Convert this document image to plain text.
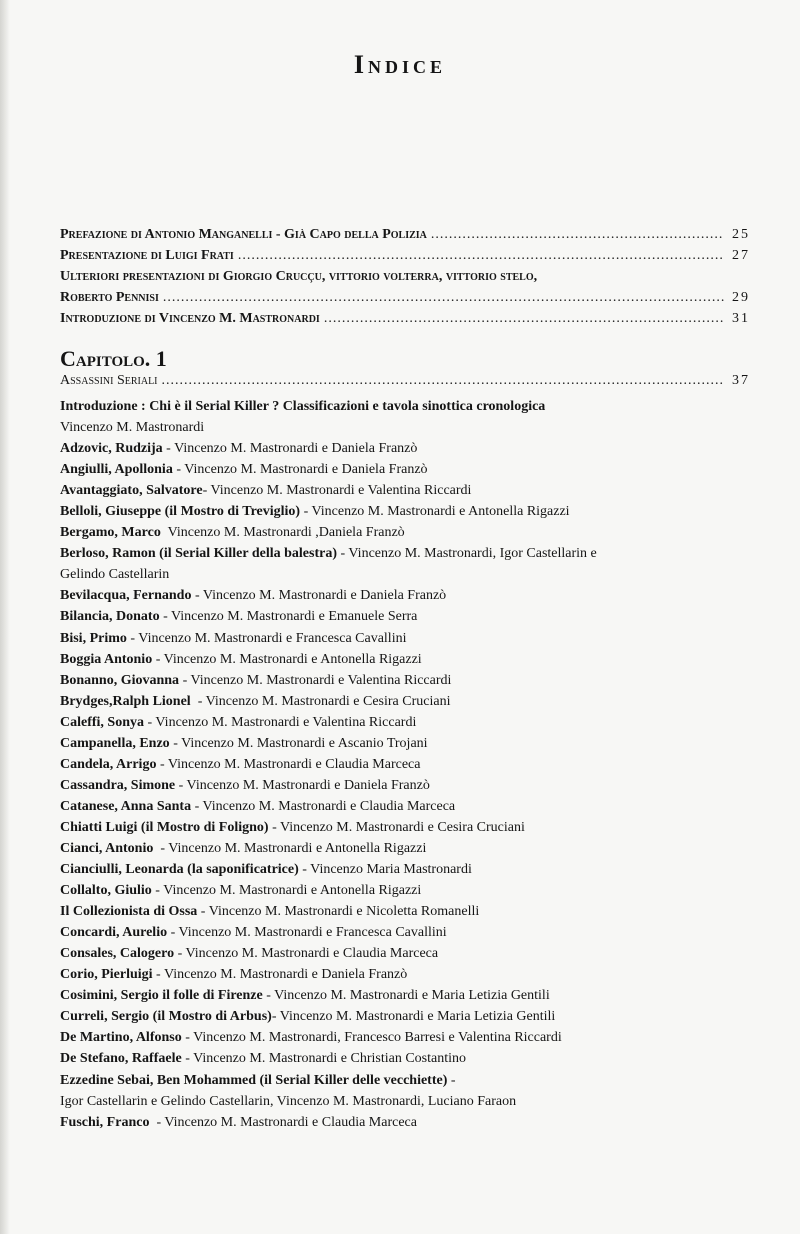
Indice
Prefazione di Antonio Manganelli - Già Capo della Polizia .....	25
Presentazione di Luigi Frati .....	27
Ulteriori presentazioni di Giorgio Crucçu, vittorio volterra, vittorio stelo,
Roberto Pennisi .....	29
Introduzione di Vincenzo M. Mastronardi .....	31
Capitolo. 1
Assassini Seriali .....	37
Introduzione : Chi è il Serial Killer ? Classificazioni e tavola sinottica cronologica
Vincenzo M. Mastronardi
Adzovic, Rudzija - Vincenzo M. Mastronardi e Daniela Franzò
Angiulli, Apollonia - Vincenzo M. Mastronardi e Daniela Franzò
Avantaggiato, Salvatore- Vincenzo M. Mastronardi e Valentina Riccardi
Belloli, Giuseppe (il Mostro di Treviglio) - Vincenzo M. Mastronardi e Antonella Rigazzi
Bergamo, Marco  Vincenzo M. Mastronardi ,Daniela Franzò
Berloso, Ramon (il Serial Killer della balestra) - Vincenzo M. Mastronardi, Igor Castellarin e
Gelindo Castellarin
Bevilacqua, Fernando - Vincenzo M. Mastronardi e Daniela Franzò
Bilancia, Donato - Vincenzo M. Mastronardi e Emanuele Serra
Bisi, Primo - Vincenzo M. Mastronardi e Francesca Cavallini
Boggia Antonio - Vincenzo M. Mastronardi e Antonella Rigazzi
Bonanno, Giovanna - Vincenzo M. Mastronardi e Valentina Riccardi
Brydges,Ralph Lionel  - Vincenzo M. Mastronardi e Cesira Cruciani
Caleffi, Sonya - Vincenzo M. Mastronardi e Valentina Riccardi
Campanella, Enzo - Vincenzo M. Mastronardi e Ascanio Trojani
Candela, Arrigo - Vincenzo M. Mastronardi e Claudia Marceca
Cassandra, Simone - Vincenzo M. Mastronardi e Daniela Franzò
Catanese, Anna Santa - Vincenzo M. Mastronardi e Claudia Marceca
Chiatti Luigi (il Mostro di Foligno) - Vincenzo M. Mastronardi e Cesira Cruciani
Cianci, Antonio  - Vincenzo M. Mastronardi e Antonella Rigazzi
Cianciulli, Leonarda (la saponificatrice) - Vincenzo Maria Mastronardi
Collalto, Giulio - Vincenzo M. Mastronardi e Antonella Rigazzi
Il Collezionista di Ossa - Vincenzo M. Mastronardi e Nicoletta Romanelli
Concardi, Aurelio - Vincenzo M. Mastronardi e Francesca Cavallini
Consales, Calogero - Vincenzo M. Mastronardi e Claudia Marceca
Corio, Pierluigi - Vincenzo M. Mastronardi e Daniela Franzò
Cosimini, Sergio il folle di Firenze - Vincenzo M. Mastronardi e Maria Letizia Gentili
Curreli, Sergio (il Mostro di Arbus)- Vincenzo M. Mastronardi e Maria Letizia Gentili
De Martino, Alfonso - Vincenzo M. Mastronardi, Francesco Barresi e Valentina Riccardi
De Stefano, Raffaele - Vincenzo M. Mastronardi e Christian Costantino
Ezzedine Sebai, Ben Mohammed (il Serial Killer delle vecchiette) -
Igor Castellarin e Gelindo Castellarin, Vincenzo M. Mastronardi, Luciano Faraon
Fuschi, Franco  - Vincenzo M. Mastronardi e Claudia Marceca
